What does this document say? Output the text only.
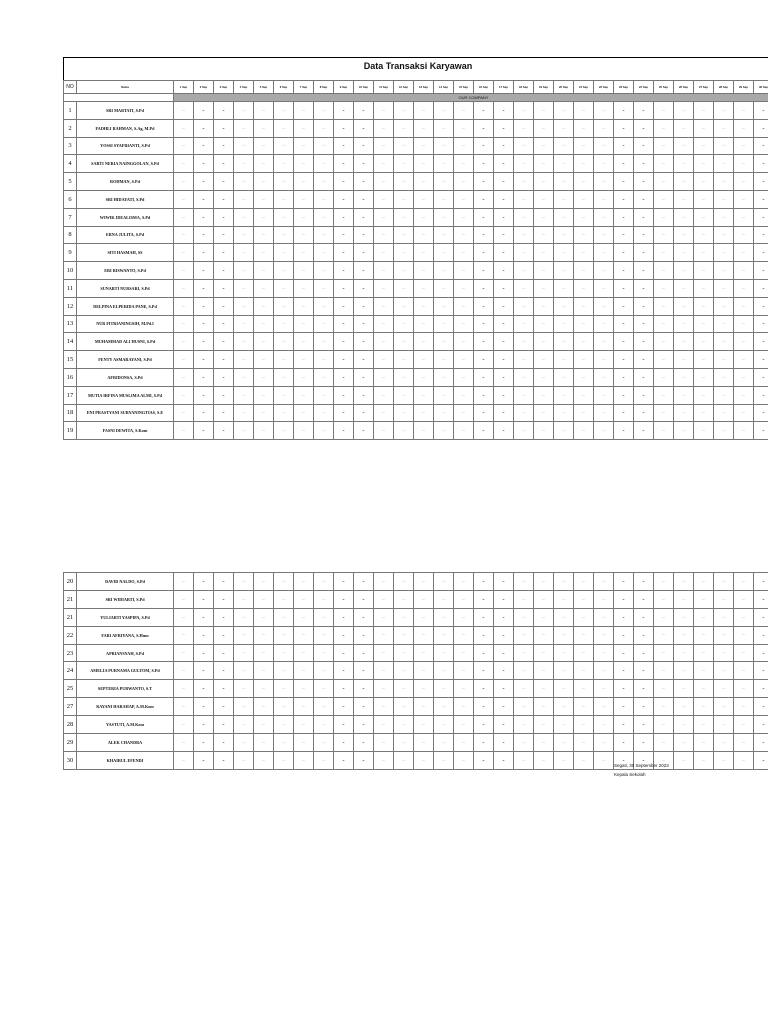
Data Transaksi Karyawan
NO	Nama	1 Sep	2 Sep	3 Sep	4 Sep	5 Sep	6 Sep	7 Sep	8 Sep	9 Sep	10 Sep	11 Sep	12 Sep	13 Sep	14 Sep	15 Sep	16 Sep	17 Sep	18 Sep	19 Sep	20 Sep	21 Sep	22 Sep	23 Sep	24 Sep	25 Sep	26 Sep	27 Sep	28 Sep	29 Sep	30 Sep
		OUR COMPANY																													
1	SRI MARTATI, S.Pd	…	-	-	…	…	…	…	…	-	-	…	…	…	…	…	-	-	…	…	…	…	…	-	-	…	…	…	…	…	-
2	FADHLI RAHMAN, S.Ag, M.Pd	…	-	-	…	…	…	…	…	-	-	…	…	…	…	…	-	-	…	…	…	…	…	-	-	…	…	…	…	…	-
3	YOSSI SYAFRIANTI, S.Pd	…	-	-	…	…	…	…	…	-	-	…	…	…	…	…	-	-	…	…	…	…	…	-	-	…	…	…	…	…	-
4	SARTI NERIA NAINGGOLAN, S.Pd	…	-	-	…	…	…	…	…	-	-	…	…	…	…	…	-	-	…	…	…	…	…	-	-	…	…	…	…	…	-
5	ROHMAN, S.Pd	…	-	-	…	…	…	…	…	-	-	…	…	…	…	…	-	-	…	…	…	…	…	-	-	…	…	…	…	…	-
6	SRI HIDAYATI, S.Pd	…	-	-	…	…	…	…	…	-	-	…	…	…	…	…	-	-	…	…	…	…	…	-	-	…	…	…	…	…	-
7	WIWIK IDEALISMA, S.Pd	…	-	-	…	…	…	…	…	-	-	…	…	…	…	…	-	-	…	…	…	…	…	-	-	…	…	…	…	…	-
8	ERNA JULITA, S.Pd	…	-	-	…	…	…	…	…	-	-	…	…	…	…	…	-	-	…	…	…	…	…	-	-	…	…	…	…	…	-
9	SITI HASMAH, SS	…	-	-	…	…	…	…	…	-	-	…	…	…	…	…	-	-	…	…	…	…	…	-	-	…	…	…	…	…	-
10	ERI RISWANTO, S.Pd	…	-	-	…	…	…	…	…	-	-	…	…	…	…	…	-	-	…	…	…	…	…	-	-	…	…	…	…	…	-
11	SUNARTI NURSARI, S.Pd	…	-	-	…	…	…	…	…	-	-	…	…	…	…	…	-	-	…	…	…	…	…	-	-	…	…	…	…	…	-
12	DELPINA ELPERIDA PANE, S.Pd	…	-	-	…	…	…	…	…	-	-	…	…	…	…	…	-	-	…	…	…	…	…	-	-	…	…	…	…	…	-
13	NUR FITRIANINGSIH, M.Pd.I	…	-	-	…	…	…	…	…	-	-	…	…	…	…	…	-	-	…	…	…	…	…	-	-	…	…	…	…	…	-
14	MUHAMMAD ALI HUSNI, S.Pd	…	-	-	…	…	…	…	…	-	-	…	…	…	…	…	-	-	…	…	…	…	…	-	-	…	…	…	…	…	-
15	FENTY ASMARAYANI, S.Pd	…	-	-	…	…	…	…	…	-	-	…	…	…	…	…	-	-	…	…	…	…	…	-	-	…	…	…	…	…	-
16	AFRIDONSA, S.Pd	…	-	-	…	…	…	…	…	-	-	…	…	…	…	…	-	-	…	…	…	…	…	-	-	…	…	…	…	…	-
17	MUTIA IRFINA MUSLIMA ALMI, S.Pd	…	-	-	…	…	…	…	…	-	-	…	…	…	…	…	-	-	…	…	…	…	…	-	-	…	…	…	…	…	-
18	ENI PRASTYANI SURYANINGTIAS, S.E	…	-	-	…	…	…	…	…	-	-	…	…	…	…	…	-	-	…	…	…	…	…	-	-	…	…	…	…	…	-
19	FASNI DEWITA, S.Kom	…	-	-	…	…	…	…	…	-	-	…	…	…	…	…	-	-	…	…	…	…	…	-	-	…	…	…	…	…	-
20	DAVID NALDO, S.Pd	…	-	-	…	…	…	…	…	-	-	…	…	…	…	…	-	-	…	…	…	…	…	-	-	…	…	…	…	…	-
21	SRI WIDIARTI, S.Pd	…	-	-	…	…	…	…	…	-	-	…	…	…	…	…	-	-	…	…	…	…	…	-	-	…	…	…	…	…	-
21	YULIARTI YASPIPA, S.Pd	…	-	-	…	…	…	…	…	-	-	…	…	…	…	…	-	-	…	…	…	…	…	-	-	…	…	…	…	…	-
22	FARI AFRIYANA, S.Hum	…	-	-	…	…	…	…	…	-	-	…	…	…	…	…	-	-	…	…	…	…	…	-	-	…	…	…	…	…	-
23	APRIANSYAH, S.Pd	…	-	-	…	…	…	…	…	-	-	…	…	…	…	…	-	-	…	…	…	…	…	-	-	…	…	…	…	…	-
24	AMELIA PURNAMA GULTOM, S.Pd	…	-	-	…	…	…	…	…	-	-	…	…	…	…	…	-	-	…	…	…	…	…	-	-	…	…	…	…	…	-
25	SEPTERIA PURWANTO, S.T	…	-	-	…	…	…	…	…	-	-	…	…	…	…	…	-	-	…	…	…	…	…	-	-	…	…	…	…	…	-
27	RAYANI HARAHAP, A.M.Kom	…	-	-	…	…	…	…	…	-	-	…	…	…	…	…	-	-	…	…	…	…	…	-	-	…	…	…	…	…	-
28	YASTUTI, A.M.Kom	…	-	-	…	…	…	…	…	-	-	…	…	…	…	…	-	-	…	…	…	…	…	-	-	…	…	…	…	…	-
29	ALEK CHANDRA	…	-	-	…	…	…	…	…	-	-	…	…	…	…	…	-	-	…	…	…	…	…	-	-	…	…	…	…	…	-
30	KHAIRUL EFENDI	…	-	-	…	…	…	…	…	-	-	…	…	…	…	…	-	-	…	…	…	…	…	-	-	…	…	…	…	…	-
Segati, 30 September 2023
Kepala Sekolah
